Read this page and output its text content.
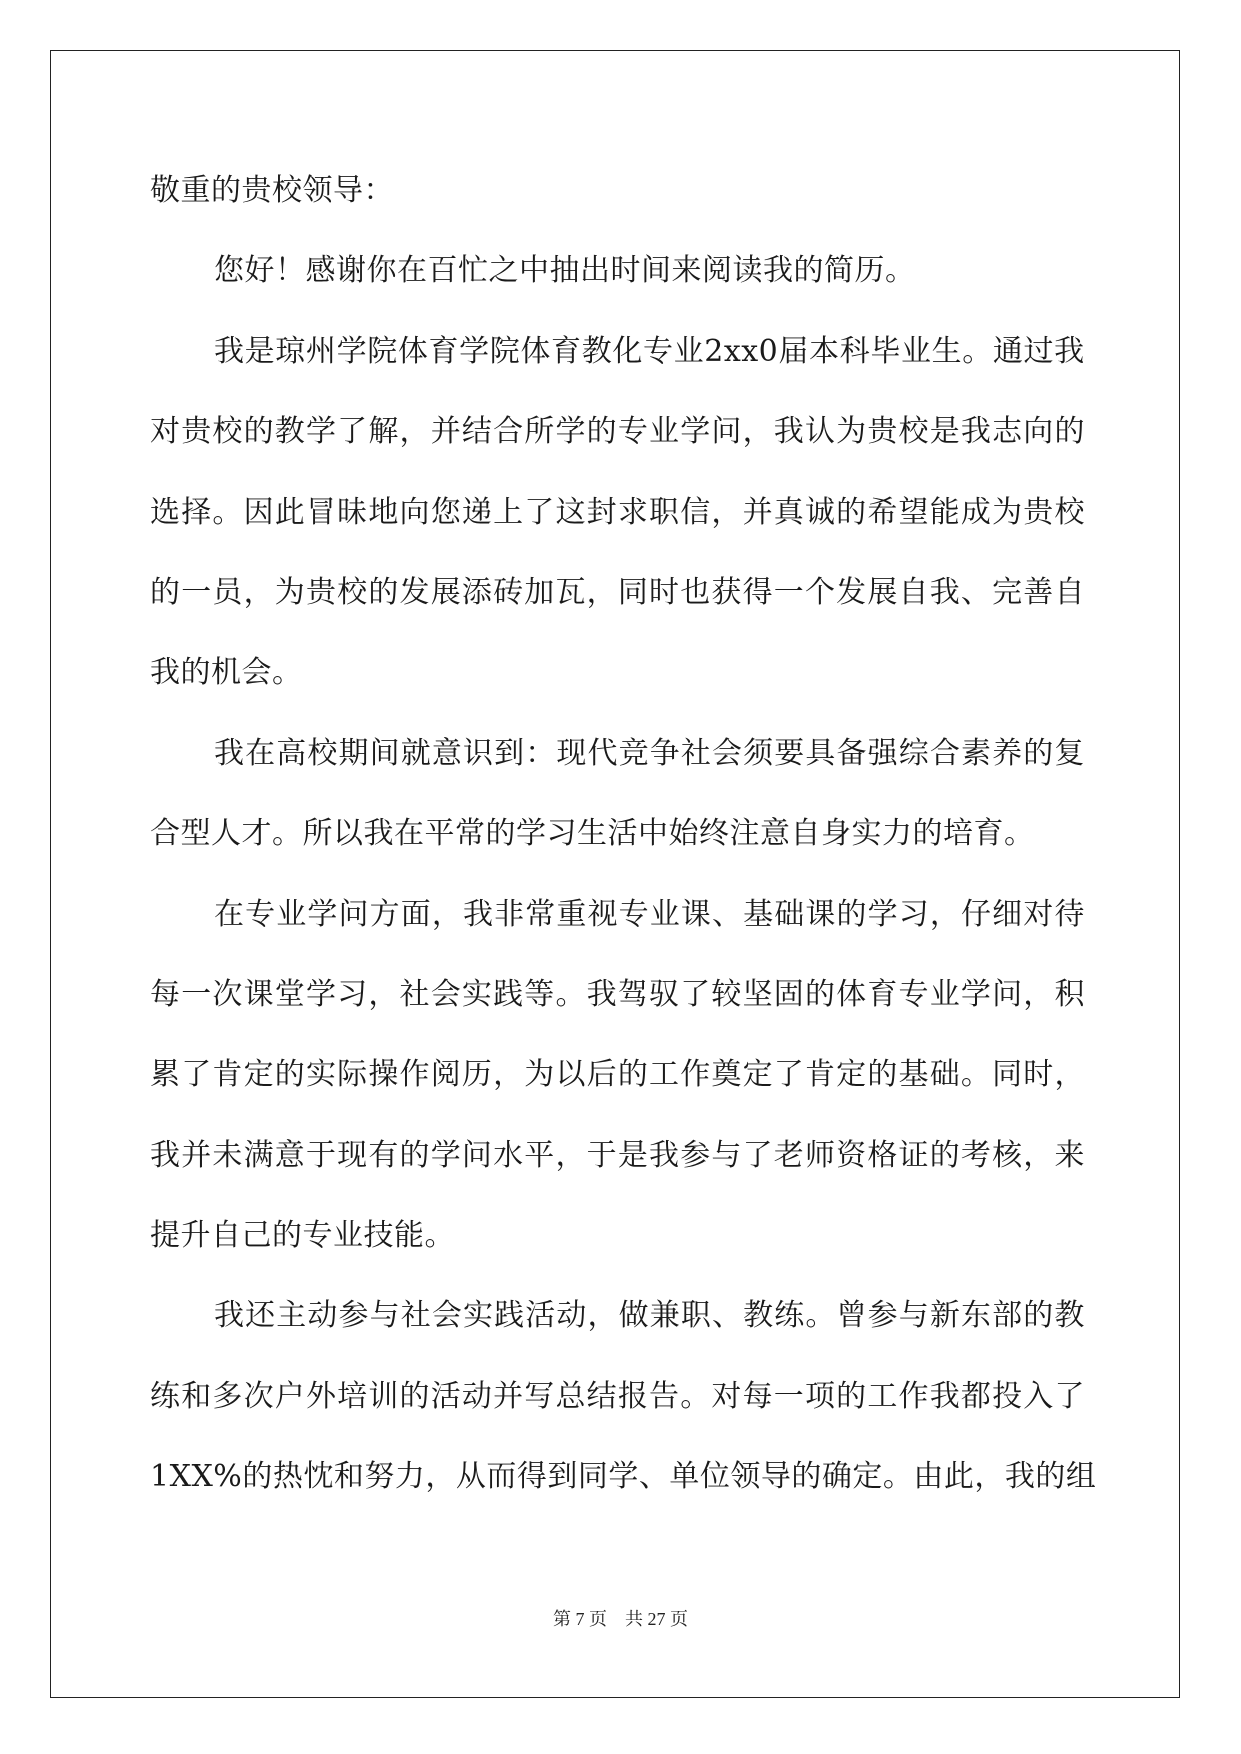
敬重的贵校领导：
您好！感谢你在百忙之中抽出时间来阅读我的简历。
我 是 琼 州 学 院 体 育 学 院 体 育 教 化 专 业 2xx0 届 本 科 毕 业 生 。 通 过 我
对 贵 校 的 教 学 了 解 ， 并 结 合 所 学 的 专 业 学 问 ， 我 认 为 贵 校 是 我 志 向 的
选 择 。 因 此 冒 昧 地 向 您 递 上 了 这 封 求 职 信 ， 并 真 诚 的 希 望 能 成 为 贵 校
的 一 员 ， 为 贵 校 的 发 展 添 砖 加 瓦 ， 同 时 也 获 得 一 个 发 展 自 我 、 完 善 自
我的机会。
我 在 高 校 期 间 就 意 识 到 ： 现 代 竞 争 社 会 须 要 具 备 强 综 合 素 养 的 复
合型人才。所以我在平常的学习生活中始终注意自身实力的培育。
在 专 业 学 问 方 面 ， 我 非 常 重 视 专 业 课 、 基 础 课 的 学 习 ， 仔 细 对 待
每 一 次 课 堂 学 习 ， 社 会 实 践 等 。 我 驾 驭 了 较 坚 固 的 体 育 专 业 学 问 ， 积
累 了 肯 定 的 实 际 操 作 阅 历 ， 为 以 后 的 工 作 奠 定 了 肯 定 的 基 础 。 同 时 ，
我 并 未 满 意 于 现 有 的 学 问 水 平 ， 于 是 我 参 与 了 老 师 资 格 证 的 考 核 ， 来
提升自己的专业技能。
我 还 主 动 参 与 社 会 实 践 活 动 ， 做 兼 职 、 教 练 。 曾 参 与 新 东 部 的 教
练 和 多 次 户 外 培 训 的 活 动 并 写 总 结 报 告 。 对 每 一 项 的 工 作 我 都 投 入 了
1XX% 的 热 忱 和 努 力 ， 从 而 得 到 同 学 、 单 位 领 导 的 确 定 。 由 此 ， 我 的 组
第 7 页　共 27 页
